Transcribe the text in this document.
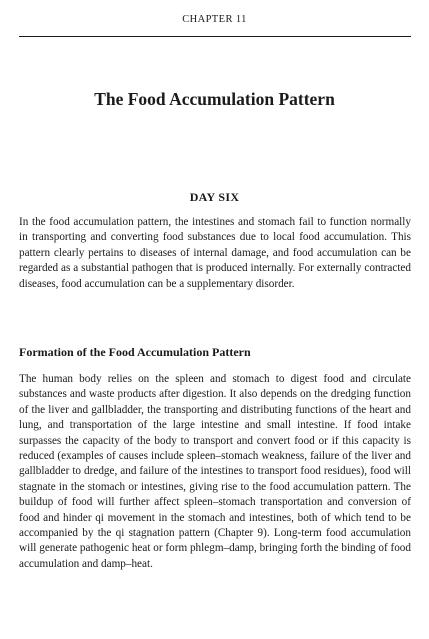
CHAPTER 11
The Food Accumulation Pattern
DAY SIX

In the food accumulation pattern, the intestines and stomach fail to function normally in transporting and converting food substances due to local food accumulation. This pattern clearly pertains to diseases of internal damage, and food accumulation can be regarded as a substantial pathogen that is produced internally. For externally contracted diseases, food accumulation can be a supplementary disorder.

Formation of the Food Accumulation Pattern

The human body relies on the spleen and stomach to digest food and circulate substances and waste products after digestion. It also depends on the dredging function of the liver and gallbladder, the transporting and distributing functions of the heart and lung, and transportation of the large intestine and small intestine. If food intake surpasses the capacity of the body to transport and convert food or if this capacity is reduced (examples of causes include spleen–stomach weakness, failure of the liver and gallbladder to dredge, and failure of the intestines to transport food residues), food will stagnate in the stomach or intestines, giving rise to the food accumulation pattern. The buildup of food will further affect spleen–stomach transportation and conversion of food and hinder qi movement in the stomach and intestines, both of which tend to be accompanied by the qi stagnation pattern (Chapter 9). Long-term food accumulation will generate pathogenic heat or form phlegm–damp, bringing forth the binding of food accumulation and damp–heat.
